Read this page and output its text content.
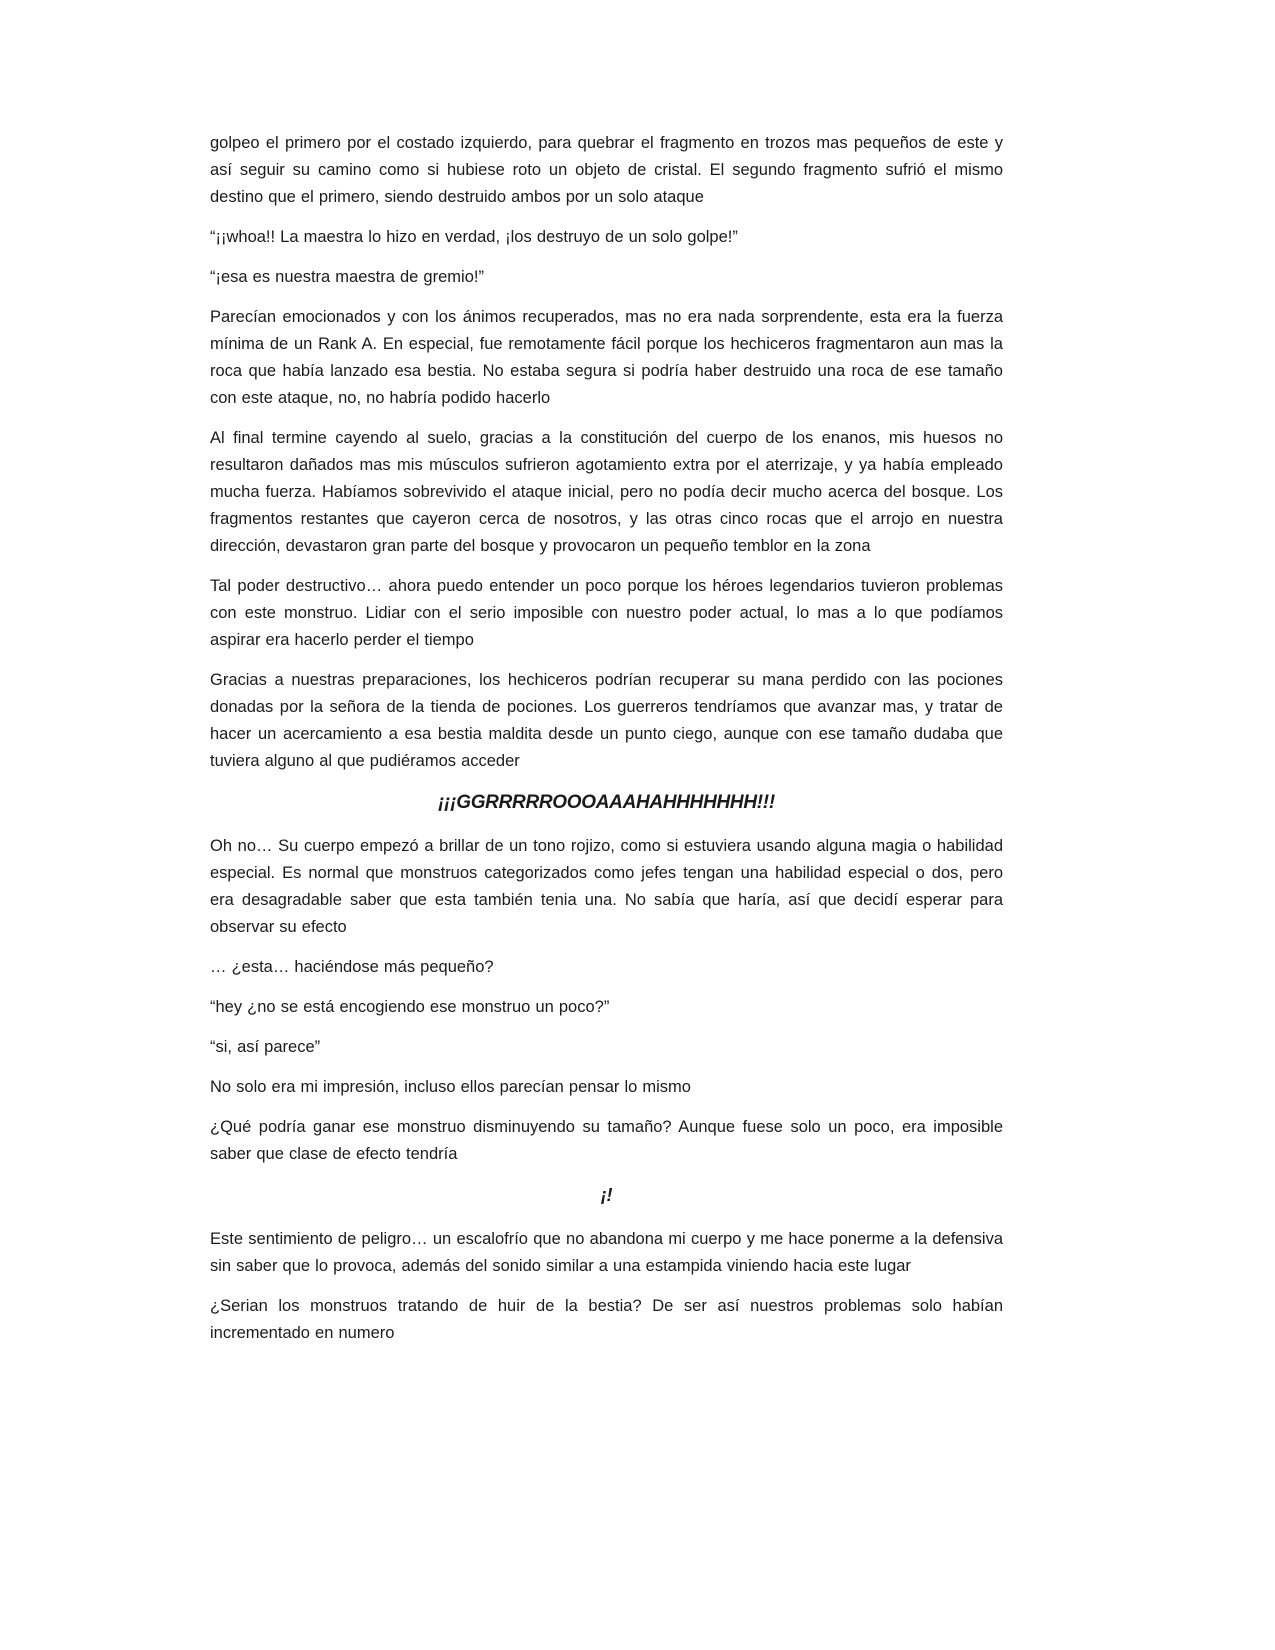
golpeo el primero por el costado izquierdo, para quebrar el fragmento en trozos mas pequeños de este y así seguir su camino como si hubiese roto un objeto de cristal. El segundo fragmento sufrió el mismo destino que el primero, siendo destruido ambos por un solo ataque

“¡¡whoa!! La maestra lo hizo en verdad, ¡los destruyo de un solo golpe!”

“¡esa es nuestra maestra de gremio!”

Parecían emocionados y con los ánimos recuperados, mas no era nada sorprendente, esta era la fuerza mínima de un Rank A. En especial, fue remotamente fácil porque los hechiceros fragmentaron aun mas la roca que había lanzado esa bestia. No estaba segura si podría haber destruido una roca de ese tamaño con este ataque, no, no habría podido hacerlo

Al final termine cayendo al suelo, gracias a la constitución del cuerpo de los enanos, mis huesos no resultaron dañados mas mis músculos sufrieron agotamiento extra por el aterrizaje, y ya había empleado mucha fuerza. Habíamos sobrevivido el ataque inicial, pero no podía decir mucho acerca del bosque. Los fragmentos restantes que cayeron cerca de nosotros, y las otras cinco rocas que el arrojo en nuestra dirección, devastaron gran parte del bosque y provocaron un pequeño temblor en la zona

Tal poder destructivo… ahora puedo entender un poco porque los héroes legendarios tuvieron problemas con este monstruo. Lidiar con el serio imposible con nuestro poder actual, lo mas a lo que podíamos aspirar era hacerlo perder el tiempo

Gracias a nuestras preparaciones, los hechiceros podrían recuperar su mana perdido con las pociones donadas por la señora de la tienda de pociones. Los guerreros tendríamos que avanzar mas, y tratar de hacer un acercamiento a esa bestia maldita desde un punto ciego, aunque con ese tamaño dudaba que tuviera alguno al que pudiéramos acceder

¡¡¡GGRRRRROOOAAAHAHHHHHHH!!!

Oh no… Su cuerpo empezó a brillar de un tono rojizo, como si estuviera usando alguna magia o habilidad especial. Es normal que monstruos categorizados como jefes tengan una habilidad especial o dos, pero era desagradable saber que esta también tenia una. No sabía que haría, así que decidí esperar para observar su efecto

… ¿esta… haciéndose más pequeño?

“hey ¿no se está encogiendo ese monstruo un poco?”

“si, así parece”

No solo era mi impresión, incluso ellos parecían pensar lo mismo

¿Qué podría ganar ese monstruo disminuyendo su tamaño? Aunque fuese solo un poco, era imposible saber que clase de efecto tendría

¡!

Este sentimiento de peligro… un escalofrío que no abandona mi cuerpo y me hace ponerme a la defensiva sin saber que lo provoca, además del sonido similar a una estampida viniendo hacia este lugar

¿Serian los monstruos tratando de huir de la bestia? De ser así nuestros problemas solo habían incrementado en numero
